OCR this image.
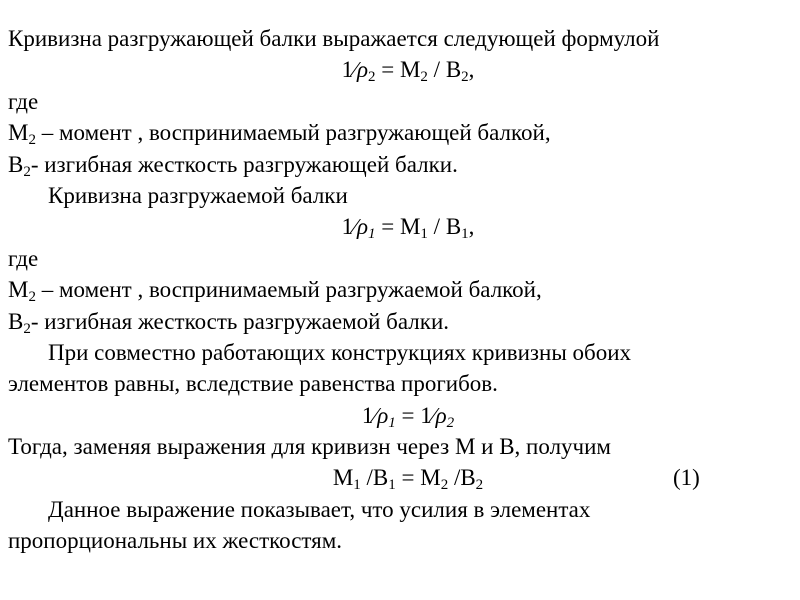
Кривизна разгружающей балки выражается следующей формулой
$1∕\rho_2 = M_2 / B_2$,
где
$M_2$ – момент , воспринимаемый разгружающей балкой,
$B_2-$ изгибная жесткость разгружающей балки.
Кривизна разгружаемой балки
$1∕\rho_1 = M_1 / B_1$,
где
$M_2$ – момент , воспринимаемый разгружаемой балкой,
$B_2-$ изгибная жесткость разгружаемой балки.
При совместно работающих конструкциях кривизны обоих
элементов равны, вследствие равенства прогибов.
$1∕\rho_1$ = $1∕\rho_2$
Тогда, заменяя выражения для кривизн через M и B, получим
$M_1$ $/B_1 = M_2$ $/B_2$	(1)
Данное выражение показывает, что усилия в элементах
пропорциональны их жесткостям.
